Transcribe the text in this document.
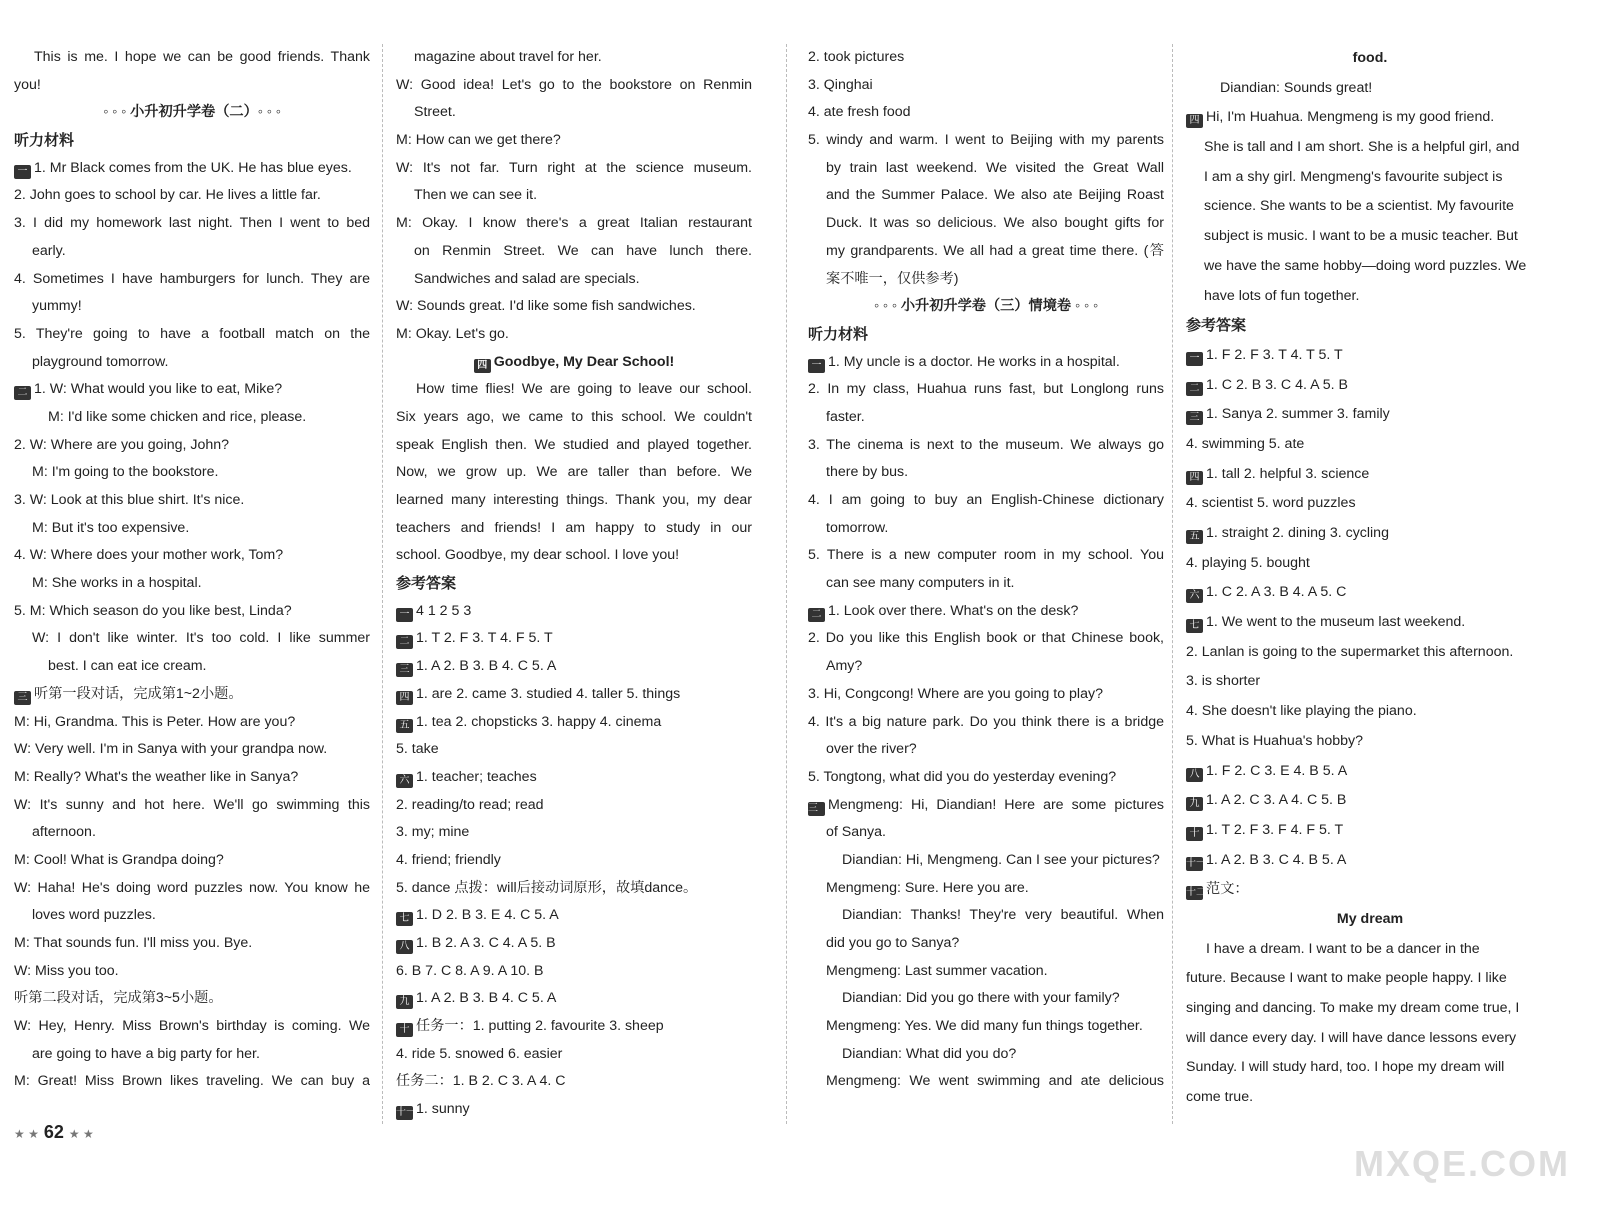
This is me. I hope we can be good friends. Thank
you!
◦ ◦ ◦ 小升初升学卷（二）◦ ◦ ◦
听力材料
一 1. Mr Black comes from the UK. He has blue eyes.
2. John goes to school by car. He lives a little far.
3. I did my homework last night. Then I went to bed
early.
4. Sometimes I have hamburgers for lunch. They are
yummy!
5. They're going to have a football match on the
playground tomorrow.
二 1. W: What would you like to eat, Mike?
M: I'd like some chicken and rice, please.
2. W: Where are you going, John?
M: I'm going to the bookstore.
3. W: Look at this blue shirt. It's nice.
M: But it's too expensive.
4. W: Where does your mother work, Tom?
M: She works in a hospital.
5. M: Which season do you like best, Linda?
W: I don't like winter. It's too cold. I like summer
best. I can eat ice cream.
三 听第一段对话，完成第1~2小题。
M: Hi, Grandma. This is Peter. How are you?
W: Very well. I'm in Sanya with your grandpa now.
M: Really? What's the weather like in Sanya?
W: It's sunny and hot here. We'll go swimming this
afternoon.
M: Cool! What is Grandpa doing?
W: Haha! He's doing word puzzles now. You know he
loves word puzzles.
M: That sounds fun. I'll miss you. Bye.
W: Miss you too.
听第二段对话，完成第3~5小题。
W: Hey, Henry. Miss Brown's birthday is coming. We
are going to have a big party for her.
M: Great! Miss Brown likes traveling. We can buy a
magazine about travel for her.
W: Good idea! Let's go to the bookstore on Renmin
Street.
M: How can we get there?
W: It's not far. Turn right at the science museum.
Then we can see it.
M: Okay. I know there's a great Italian restaurant
on Renmin Street. We can have lunch there.
Sandwiches and salad are specials.
W: Sounds great. I'd like some fish sandwiches.
M: Okay. Let's go.
四 Goodbye, My Dear School!
How time flies! We are going to leave our school.
Six years ago, we came to this school. We couldn't
speak English then. We studied and played together.
Now, we grow up. We are taller than before. We
learned many interesting things. Thank you, my dear
teachers and friends! I am happy to study in our
school. Goodbye, my dear school. I love you!
参考答案
一 4 1 2 5 3
二 1. T 2. F 3. T 4. F 5. T
三 1. A 2. B 3. B 4. C 5. A
四 1. are 2. came 3. studied 4. taller 5. things
五 1. tea 2. chopsticks 3. happy 4. cinema
5. take
六 1. teacher; teaches
2. reading/to read; read
3. my; mine
4. friend; friendly
5. dance 点拨：will后接动词原形，故填dance。
七 1. D 2. B 3. E 4. C 5. A
八 1. B 2. A 3. C 4. A 5. B
6. B 7. C 8. A 9. A 10. B
九 1. A 2. B 3. B 4. C 5. A
十 任务一：1. putting 2. favourite 3. sheep
4. ride 5. snowed 6. easier
任务二：1. B 2. C 3. A 4. C
十一1. sunny
2. took pictures
3. Qinghai
4. ate fresh food
5. windy and warm. I went to Beijing with my parents
by train last weekend. We visited the Great Wall
and the Summer Palace. We also ate Beijing Roast
Duck. It was so delicious. We also bought gifts for
my grandparents. We all had a great time there. (答
案不唯一，仅供参考)
◦ ◦ ◦ 小升初升学卷（三）情境卷 ◦ ◦ ◦
听力材料
一 1. My uncle is a doctor. He works in a hospital.
2. In my class, Huahua runs fast, but Longlong runs
faster.
3. The cinema is next to the museum. We always go
there by bus.
4. I am going to buy an English-Chinese dictionary
tomorrow.
5. There is a new computer room in my school. You
can see many computers in it.
二 1. Look over there. What's on the desk?
2. Do you like this English book or that Chinese book,
Amy?
3. Hi, Congcong! Where are you going to play?
4. It's a big nature park. Do you think there is a bridge
over the river?
5. Tongtong, what did you do yesterday evening?
三 Mengmeng: Hi, Diandian! Here are some pictures
of Sanya.
Diandian: Hi, Mengmeng. Can I see your pictures?
Mengmeng: Sure. Here you are.
Diandian: Thanks! They're very beautiful. When
did you go to Sanya?
Mengmeng: Last summer vacation.
Diandian: Did you go there with your family?
Mengmeng: Yes. We did many fun things together.
Diandian: What did you do?
Mengmeng: We went swimming and ate delicious
food.
Diandian: Sounds great!
四 Hi, I'm Huahua. Mengmeng is my good friend.
She is tall and I am short. She is a helpful girl, and
I am a shy girl. Mengmeng's favourite subject is
science. She wants to be a scientist. My favourite
subject is music. I want to be a music teacher. But
we have the same hobby—doing word puzzles. We
have lots of fun together.
参考答案
一 1. F 2. F 3. T 4. T 5. T
二 1. C 2. B 3. C 4. A 5. B
三 1. Sanya 2. summer 3. family
4. swimming 5. ate
四 1. tall 2. helpful 3. science
4. scientist 5. word puzzles
五 1. straight 2. dining 3. cycling
4. playing 5. bought
六 1. C 2. A 3. B 4. A 5. C
七 1. We went to the museum last weekend.
2. Lanlan is going to the supermarket this afternoon.
3. is shorter
4. She doesn't like playing the piano.
5. What is Huahua's hobby?
八 1. F 2. C 3. E 4. B 5. A
九 1. A 2. C 3. A 4. C 5. B
十 1. T 2. F 3. F 4. F 5. T
十一1. A 2. B 3. C 4. B 5. A
十二范文：
My dream
I have a dream. I want to be a dancer in the
future. Because I want to make people happy. I like
singing and dancing. To make my dream come true, I
will dance every day. I will have dance lessons every
Sunday. I will study hard, too. I hope my dream will
come true.
★ ★ 62 ★ ★
MXQE.COM
